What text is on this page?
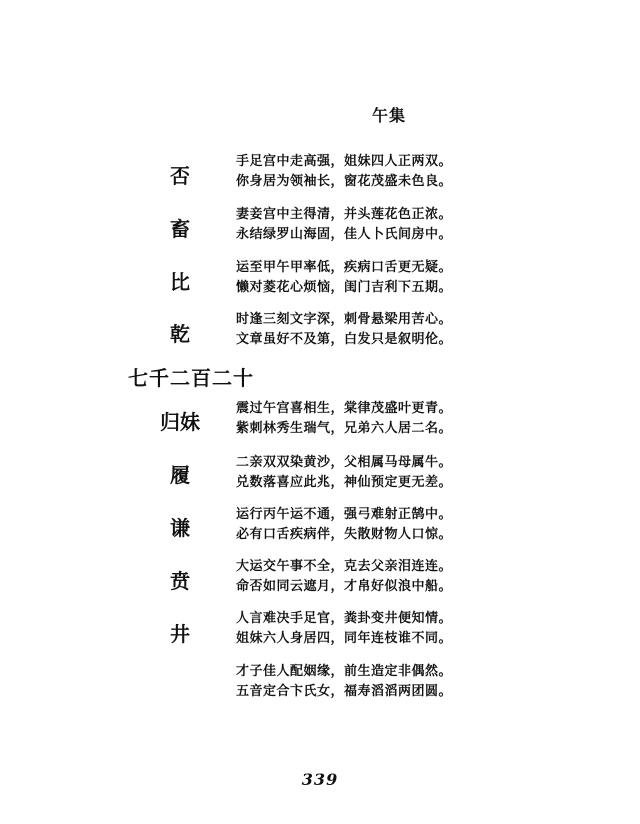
午集
否
手足宫中走高强，姐妹四人正两双。
你身居为领袖长，窗花茂盛未色良。
畜
妻妾宫中主得清，并头莲花色正浓。
永结绿罗山海固，佳人卜氏间房中。
比
运至甲午甲率低，疾病口舌更无疑。
懒对菱花心烦恼，闺门吉利下五期。
乾
时逢三刻文字深，刺骨悬梁用苦心。
文章虽好不及第，白发只是叙明伦。
七千二百二十
归妹
震过午宫喜相生，棠律茂盛叶更青。
紫刺林秀生瑞气，兄弟六人居二名。
履
二亲双双染黄沙，父相属马母属牛。
兑数落喜应此兆，神仙预定更无差。
谦
运行丙午运不通，强弓难射正鹄中。
必有口舌疾病伴，失散财物人口惊。
贲
大运交午事不全，克去父亲泪连连。
命否如同云遮月，才帛好似浪中船。
井
人言难决手足官，粪卦变井便知情。
姐妹六人身居四，同年连枝谁不同。
才子佳人配姻缘，前生造定非偶然。
五音定合卞氏女，福寿滔滔两团圆。
339
